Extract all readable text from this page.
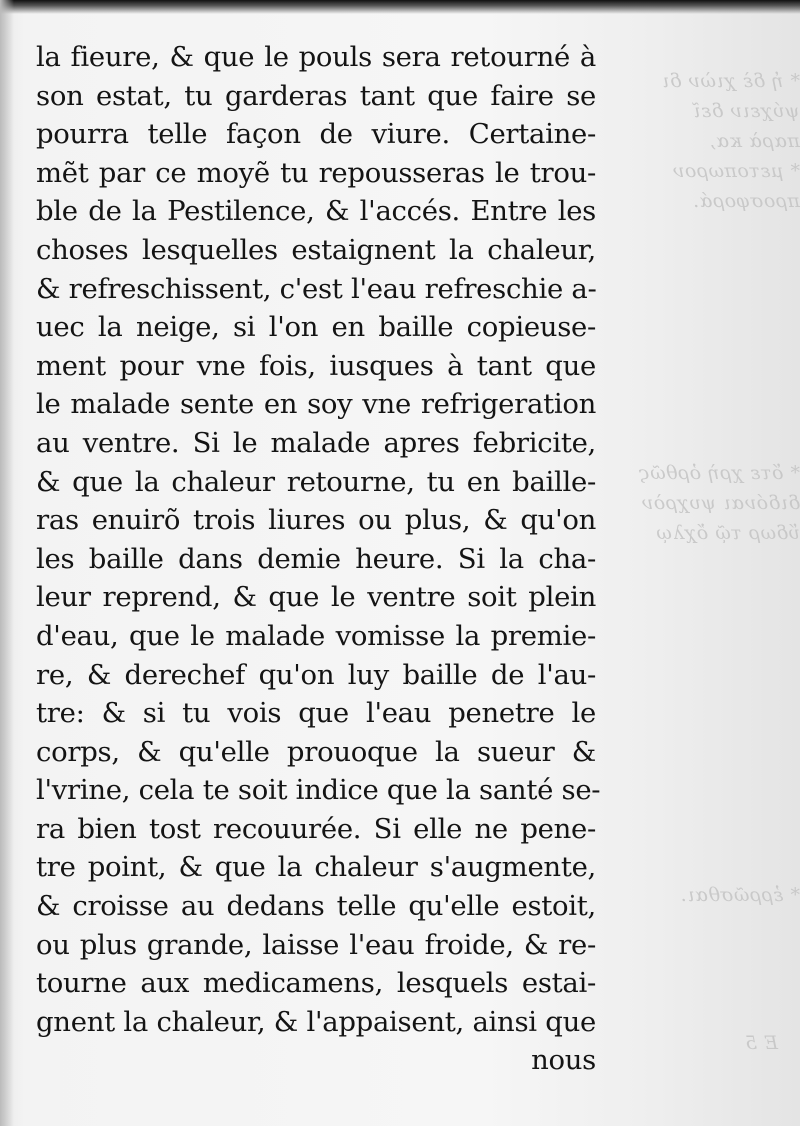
la fieure, & que le pouls sera retourné à
son estat, tu garderas tant que faire se
pourra telle façon de viure. Certaine-
mẽt par ce moyẽ tu repousseras le trou-
ble de la Pestilence, & l'accés. Entre les
choses lesquelles estaignent la chaleur,
& refreschissent, c'est l'eau refreschie a-
uec la neige, si l'on en baille copieuse-
ment pour vne fois, iusques à tant que
le malade sente en soy vne refrigeration
au ventre. Si le malade apres febricite,
& que la chaleur retourne, tu en baille-
ras enuirõ trois liures ou plus, & qu'on
les baille dans demie heure. Si la cha-
leur reprend, & que le ventre soit plein
d'eau, que le malade vomisse la premie-
re, & derechef qu'on luy baille de l'au-
tre: & si tu vois que l'eau penetre le
corps, & qu'elle prouoque la sueur &
l'vrine, cela te soit indice que la santé se-
ra bien tost recouurée. Si elle ne pene-
tre point, & que la chaleur s'augmente,
& croisse au dedans telle qu'elle estoit,
ou plus grande, laisse l'eau froide, & re-
tourne aux medicamens, lesquels estai-
gnent la chaleur, & l'appaisent, ainsi que
nous
* ἡ δὲ χιὼν δι
ψύχειν δεῖ
παρὰ κα,
* μετοπωρον
προσφορά.
* ὅτε χρὴ ὀρθῶς
διδόναι ψυχρὸν
ὕδωρ τῷ ὄχλῳ
* ἐρρῶσθαι.
Ε 5
